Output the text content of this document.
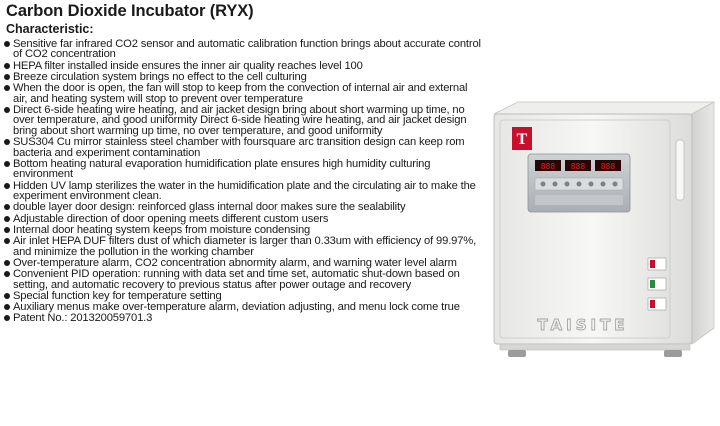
Carbon Dioxide Incubator (RYX)
Characteristic:
Sensitive far infrared CO2 sensor and automatic calibration function brings about accurate control of CO2 concentration
HEPA filter installed inside ensures the inner air quality reaches level 100
Breeze circulation system brings no effect to the cell culturing
When the door is open, the fan will stop to keep from the convection of internal air and external air, and heating system will stop to prevent over temperature
Direct 6-side heating wire heating, and air jacket design bring about short warming up time, no over temperature, and good uniformity Direct 6-side heating wire heating, and air jacket design bring about short warming up time, no over temperature, and good uniformity
SUS304 Cu mirror stainless steel chamber with foursquare arc transition design can keep rom bacteria and experiment contamination
Bottom heating natural evaporation humidification plate ensures high humidity culturing environment
Hidden UV lamp sterilizes the water in the humidification plate and the circulating air to make the experiment environment clean.
double layer door design: reinforced glass internal door makes sure the sealability
Adjustable direction of door opening meets different custom users
Internal door heating system keeps from moisture condensing
Air inlet HEPA DUF filters dust of which diameter is larger than 0.33um with efficiency of 99.97%, and minimize the pollution in the working chamber
Over-temperature alarm, CO2 concentration abnormity alarm, and warning water level alarm
Convenient PID operation: running with data set and time set, automatic shut-down based on setting, and automatic recovery to previous status after power outage and recovery
Special function key for temperature setting
Auxiliary menus make over-temperature alarm, deviation adjusting, and menu lock come true
Patent No.: 201320059701.3
T
888 888 888
TAISITE
